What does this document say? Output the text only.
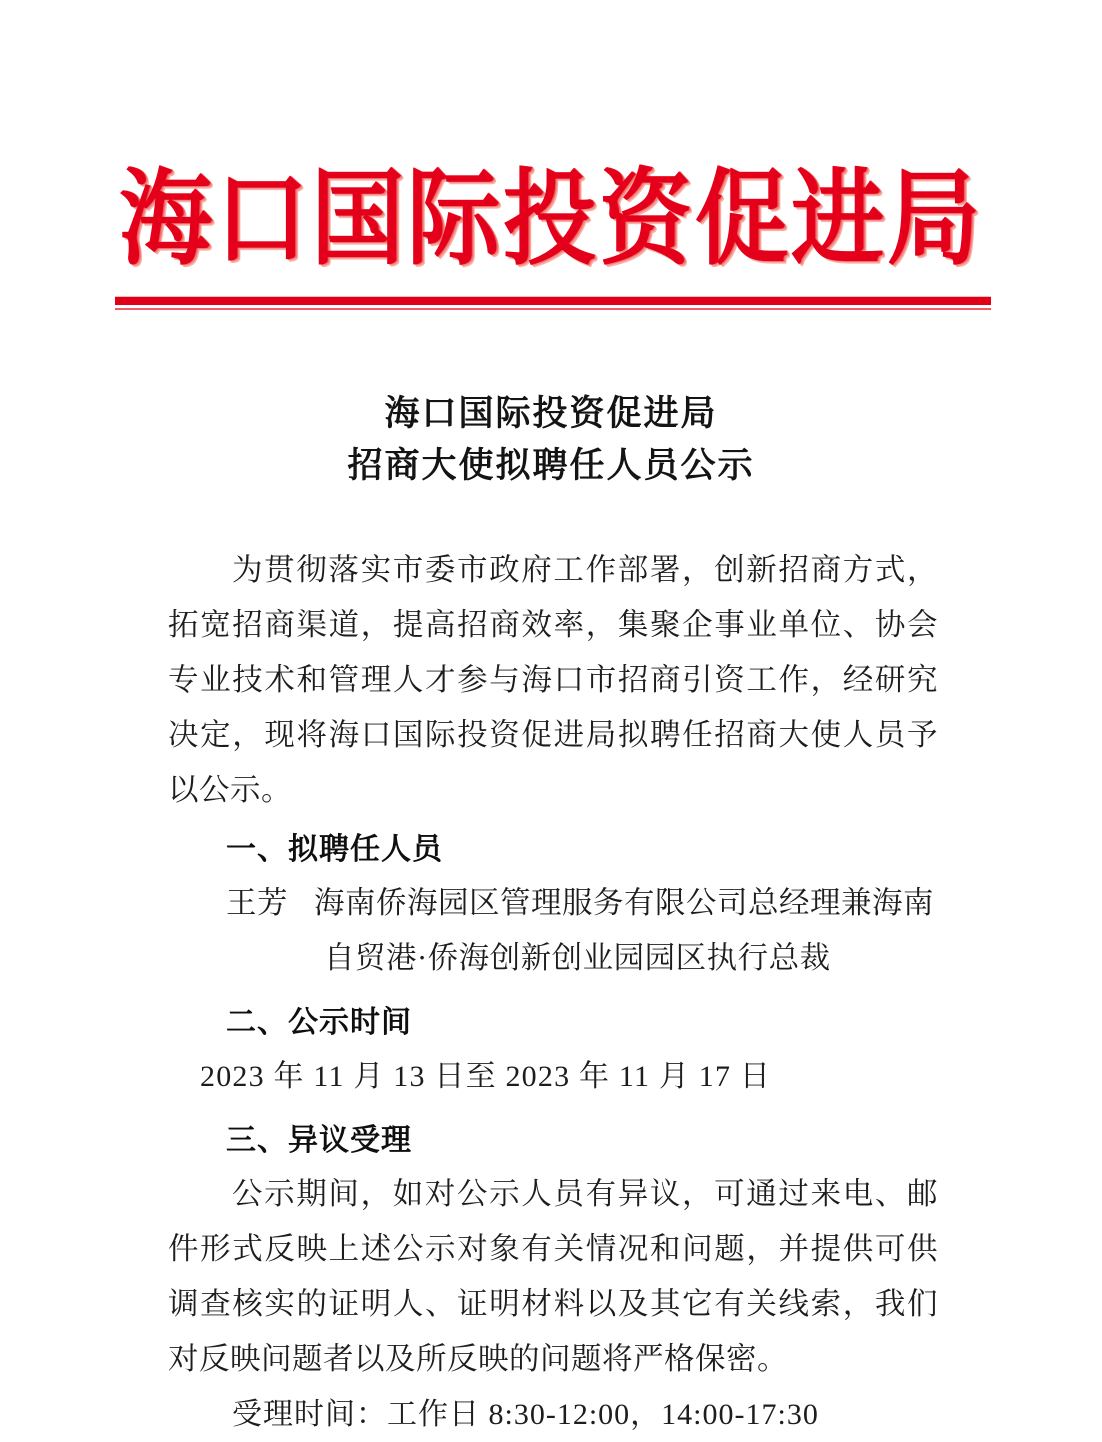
海口国际投资促进局
海口国际投资促进局
招商大使拟聘任人员公示

为贯彻落实市委市政府工作部署，创新招商方式，拓宽招商渠道，提高招商效率，集聚企事业单位、协会专业技术和管理人才参与海口市招商引资工作，经研究决定，现将海口国际投资促进局拟聘任招商大使人员予以公示。

一、拟聘任人员

王芳 海南侨海园区管理服务有限公司总经理兼海南
自贸港·侨海创新创业园园区执行总裁

二、公示时间

2023 年 11 月 13 日至 2023 年 11 月 17 日

三、异议受理

公示期间，如对公示人员有异议，可通过来电、邮件形式反映上述公示对象有关情况和问题，并提供可供调查核实的证明人、证明材料以及其它有关线索，我们对反映问题者以及所反映的问题将严格保密。

受理时间：工作日 8:30-12:00，14:00-17:30
